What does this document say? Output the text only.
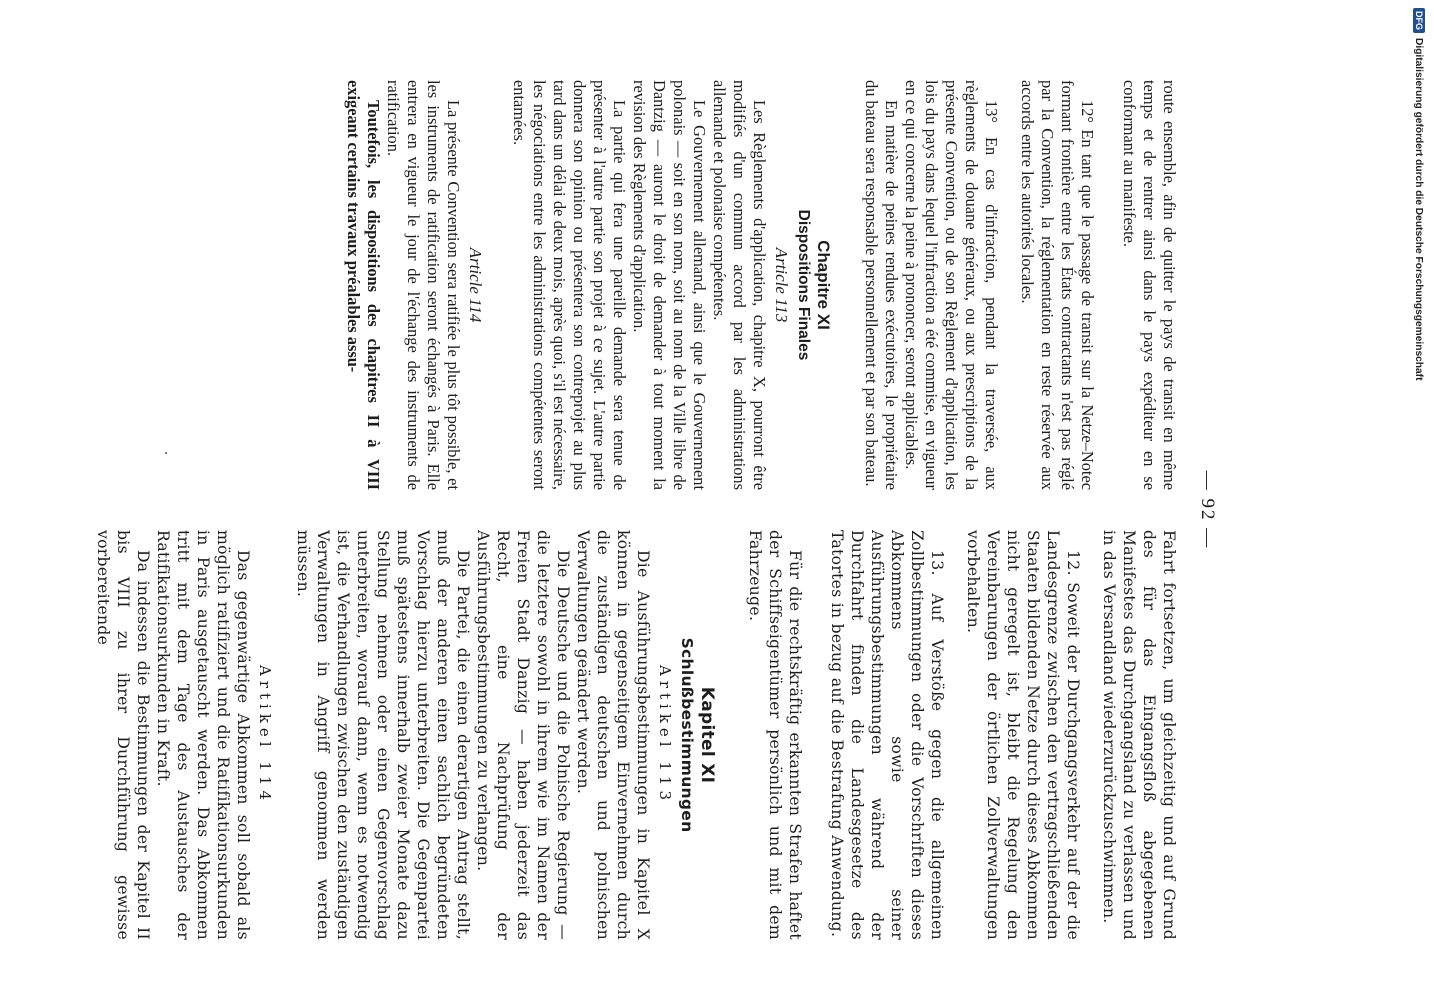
— 92 —

route ensemble, afin de quitter le pays de transit en même temps et de rentrer ainsi dans le pays expéditeur en se conformant au manifeste.

12° En tant que le passage de transit sur la Netze–Notec formant frontière entre les États contractants n'est pas réglé par la Convention, la réglementation en reste réservée aux accords entre les autorités locales.

13° En cas d'infraction, pendant la traversée, aux règlements de douane généraux, ou aux prescriptions de la présente Convention, ou de son Règlement d'application, les lois du pays dans lequel l'infraction a été commise, en vigueur en ce qui concerne la peine à prononcer, seront applicables.

En matière de peines rendues exécutoires, le propriétaire du bateau sera responsable personnellement et par son bateau.

Chapitre XI
Dispositions Finales
Article 113

Les Règlements d'application, chapitre X, pourront être modifiés d'un commun accord par les administrations allemande et polonaise compétentes.

Le Gouvernement allemand, ainsi que le Gouvernement polonais — soit en son nom, soit au nom de la Ville libre de Dantzig — auront le droit de demander à tout moment la revision des Règlements d'application.

La partie qui fera une pareille demande sera tenue de présenter à l'autre partie son projet à ce sujet. L'autre partie donnera son opinion ou présentera son contreprojet au plus tard dans un délai de deux mois, après quoi, s'il est nécessaire, les négociations entre les administrations compétentes seront entamées.

Article 114

La présente Convention sera ratifiée le plus tôt possible, et les instruments de ratification seront échangés à Paris. Elle entrera en vigueur le jour de l'échange des instruments de ratification.

Toutefois, les dispositions des chapitres II à VIII exigeant certains travaux préalables assu-

Fahrt fortsetzen, um gleichzeitig und auf Grund des für das Eingangsfloß abgegebenen Manifestes das Durchgangsland zu verlassen und in das Versandland wiederzurückzuschwimmen.

12. Soweit der Durchgangsverkehr auf der die Landesgrenze zwischen den vertragschließenden Staaten bildenden Netze durch dieses Abkommen nicht geregelt ist, bleibt die Regelung den Vereinbarungen der örtlichen Zollverwaltungen vorbehalten.

13. Auf Verstöße gegen die allgemeinen Zollbestimmungen oder die Vorschriften dieses Abkommens sowie seiner Ausführungsbestimmungen während der Durchfahrt finden die Landesgesetze des Tatortes in bezug auf die Bestrafung Anwendung.

Für die rechtskräftig erkannten Strafen haftet der Schiffseigentümer persönlich und mit dem Fahrzeuge.

Kapitel XI
Schlußbestimmungen
Artikel 113

Die Ausführungsbestimmungen in Kapitel X können in gegenseitigem Einvernehmen durch die zuständigen deutschen und polnischen Verwaltungen geändert werden.

Die Deutsche und die Polnische Regierung — die letztere sowohl in ihrem wie im Namen der Freien Stadt Danzig — haben jederzeit das Recht, eine Nachprüfung der Ausführungsbestimmungen zu verlangen.

Die Partei, die einen derartigen Antrag stellt, muß der anderen einen sachlich begründeten Vorschlag hierzu unterbreiten. Die Gegenpartei muß spätestens innerhalb zweier Monate dazu Stellung nehmen oder einen Gegenvorschlag unterbreiten, worauf dann, wenn es notwendig ist, die Verhandlungen zwischen den zuständigen Verwaltungen in Angriff genommen werden müssen.

Artikel 114

Das gegenwärtige Abkommen soll sobald als möglich ratifiziert und die Ratifikationsurkunden in Paris ausgetauscht werden. Das Abkommen tritt mit dem Tage des Austausches der Ratifikationsurkunden in Kraft.

Da indessen die Bestimmungen der Kapitel II bis VIII zu ihrer Durchführung gewisse vorbereitende

DFG
Digitalisierung gefördert durch die Deutsche Forschungsgemeinschaft
